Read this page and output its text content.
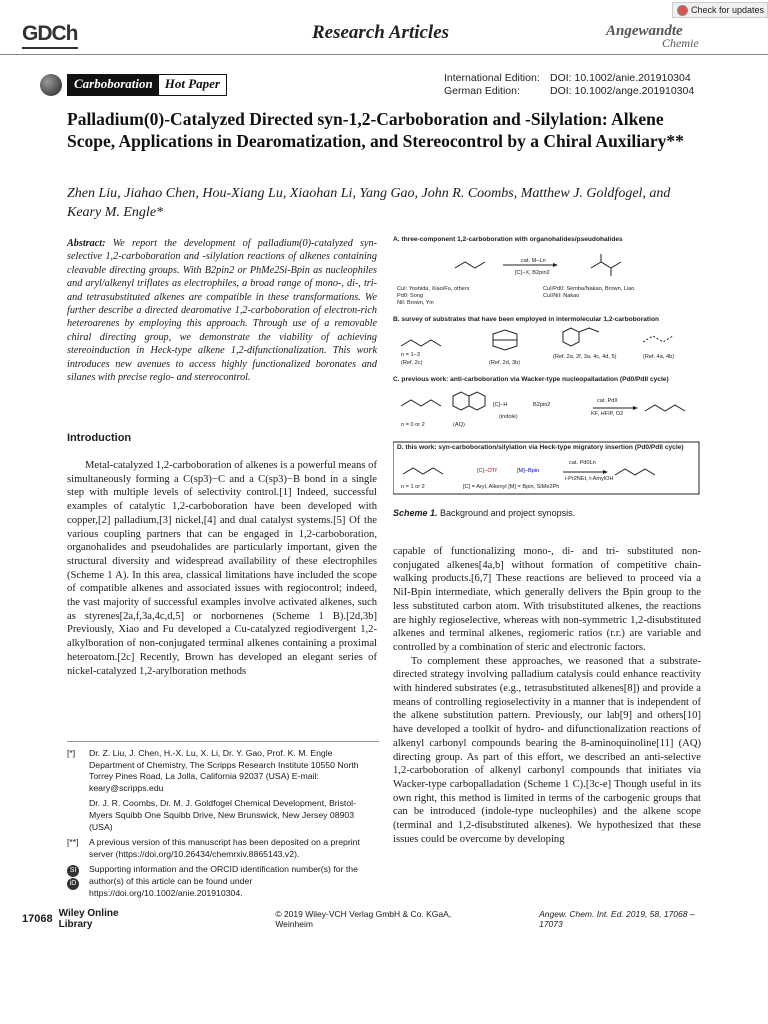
GDCh	Research Articles	Angewandte
Chemie
Check for updates
Carboboration Hot Paper	International Edition: DOI: 10.1002/anie.201910304
German Edition:	DOI: 10.1002/ange.201910304
Palladium(0)-Catalyzed Directed syn-1,2-Carboboration and -Silylation: Alkene Scope, Applications in Dearomatization, and Stereocontrol by a Chiral Auxiliary**
Zhen Liu, Jiahao Chen, Hou-Xiang Lu, Xiaohan Li, Yang Gao, John R. Coombs, Matthew J. Goldfogel, and Keary M. Engle*
Abstract: We report the development of palladium(0)-catalyzed syn-selective 1,2-carboboration and -silylation reactions of alkenes containing cleavable directing groups. With B2pin2 or PhMe2Si-Bpin as nucleophiles and aryl/alkenyl triflates as electrophiles, a broad range of mono-, di-, tri- and tetrasubstituted alkenes are compatible in these transformations. We further describe a directed dearomative 1,2-carboboration of electron-rich heteroarenes by employing this approach. Through use of a removable chiral directing group, we demonstrate the viability of achieving stereoinduction in Heck-type alkene 1,2-difunctionalization. This work introduces new avenues to access highly functionalized boronates and silanes with precise regio- and stereocontrol.
Introduction
Metal-catalyzed 1,2-carboboration of alkenes is a powerful means of simultaneously forming a C(sp3)−C and a C(sp3)−B bond in a single step with multiple levels of selectivity control.[1] Indeed, successful examples of catalytic 1,2-carboboration have been developed with copper,[2] palladium,[3] nickel,[4] and dual catalyst systems.[5] Of the various coupling partners that can be engaged in 1,2-carboboration, organohalides and pseudohalides are particularly important, given the structural diversity and widespread availability of these electrophiles (Scheme 1 A). In this area, classical limitations have included the scope of compatible alkenes and associated issues with regiocontrol; indeed, the vast majority of successful examples involve activated alkenes, such as styrenes[2a,f,3a,4c,d,5] or norbornenes (Scheme 1 B).[2d,3b] Previously, Xiao and Fu developed a Cu-catalyzed regiodivergent 1,2-alkylboration of non-conjugated terminal alkenes containing a proximal heteroatom.[2c] Recently, Brown has developed an elegant series of nickel-catalyzed 1,2-arylboration methods
[*]	Dr. Z. Liu, J. Chen, H.-X. Lu, X. Li, Dr. Y. Gao, Prof. K. M. Engle Department of Chemistry, The Scripps Research Institute 10550 North Torrey Pines Road, La Jolla, California 92037 (USA) E-mail: keary@scripps.edu
Dr. J. R. Coombs, Dr. M. J. Goldfogel Chemical Development, Bristol-Myers Squibb One Squibb Drive, New Brunswick, New Jersey 08903 (USA)
[**]	A previous version of this manuscript has been deposited on a preprint server (https://doi.org/10.26434/chemrxiv.8865143.v2).
SI
iD
Supporting information and the ORCID identification number(s) for the author(s) of this article can be found under https://doi.org/10.1002/anie.201910304.
A. three-component 1,2-carboboration with organohalides/pseudohalides
cat. M−Ln
[C]−X, B2pin2
CuI: Yoshida, Xiao/Fu, others
Pd0: Song
NiI: Brown, Yin
CuI/Pd0: Semba/Nakao, Brown, Liao
CuI/NiI: Nakao
B. survey of substrates that have been employed in intermolecular 1,2-carboboration
n = 1−3
(Ref. 2c)	(Ref. 2d, 3b)
(Ref. 2a, 2f, 3a, 4c, 4d, 5)	(Ref. 4a, 4b)
C. previous work: anti-carboboration via Wacker-type nucleopalladation (Pd0/PdII cycle)
[C]−H	B2pin2
(indole)
n = 0 or 2	(AQ)
cat. PdII
KF, HFIP, O2
D. this work: syn-carboboration/silylation via Heck-type migratory insertion (Pd0/PdII cycle)
[C]−OTf	[M]−Bpin
cat. Pd0Ln
i-Pr2NEt, t-AmylOH
n = 1 or 2	[C] = Aryl, Alkenyl [M] = Bpin, SiMe2Ph
Scheme 1. Background and project synopsis.

capable of functionalizing mono-, di- and tri- substituted non-conjugated alkenes[4a,b] without formation of competitive chain-walking products.[6,7] These reactions are believed to proceed via a NiI-Bpin intermediate, which generally delivers the Bpin group to the less substituted carbon atom. With trisubstituted alkenes, the reactions are highly regioselective, whereas with non-symmetric 1,2-disubstituted alkenes and terminal alkenes, regiomeric ratios (r.r.) are variable and controlled by a combination of steric and electronic factors.

To complement these approaches, we reasoned that a substrate-directed strategy involving palladium catalysis could enhance reactivity with hindered substrates (e.g., tetrasubstituted alkenes[8]) and provide a means of controlling regioselectivity in a manner that is independent of the alkene substitution pattern. Previously, our lab[9] and others[10] have developed a toolkit of hydro- and difunctionalization reactions of alkenyl carbonyl compounds bearing the 8-aminoquinoline[11] (AQ) directing group. As part of this effort, we described an anti-selective 1,2-carboboration of alkenyl carbonyl compounds that initiates via Wacker-type carbopalladation (Scheme 1 C).[3c-e] Though useful in its own right, this method is limited in terms of the carbogenic groups that can be introduced (indole-type nucleophiles) and the alkene scope (terminal and 1,2-disubstituted alkenes). We hypothesized that these issues could be overcome by developing

17068 Wiley Online Library
© 2019 Wiley-VCH Verlag GmbH & Co. KGaA, Weinheim
Angew. Chem. Int. Ed. 2019, 58, 17068 – 17073
